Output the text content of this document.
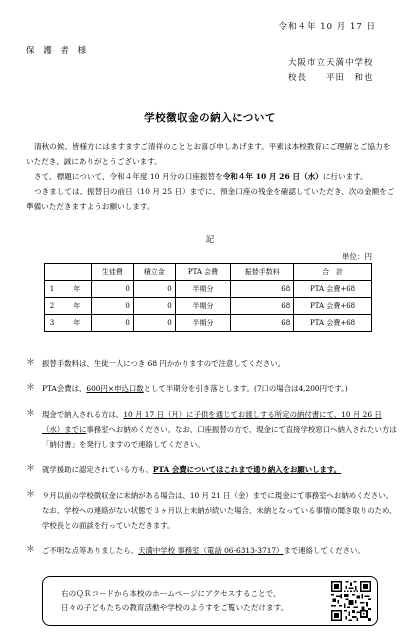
令和４年 10 月 17 日
保 護 者 様
大阪市立天満中学校
校長　　平田　和也
学校徴収金の納入について
清秋の候、皆様方にはますますご清祥のこととお喜び申しあげます。平素は本校教育にご理解とご協力をいただき、誠にありがとうございます。
さて、標題について、令和４年度 10 月分の口座振替を令和４年 10 月 26 日（水）に行います。
つきましては、振替日の前日（10 月 25 日）までに、預金口座の残金を確認していただき、次の金額をご準備いただきますようお願いします。
記
単位：円
	生徒費	積立金	PTA 会費	振替手数料	合　計
1　年	0	0	半期分	68	PTA 会費+68
2　年	0	0	半期分	68	PTA 会費+68
3　年	0	0	半期分	68	PTA 会費+68
＊ 振替手数料は、生徒一人につき 68 円かかりますので注意してください。
＊ PTA会費は、600円×申込口数として半期分を引き落とします。(7口の場合は4,200円です。)
＊ 現金で納入される方は、10 月 17 日（月）に子供を通じてお渡しする所定の納付書にて、10 月 26 日（水）までに事務室へお納めください。なお、口座振替の方で、現金にて直接学校窓口へ納入されたい方は「納付書」を発行しますので連絡してください。
＊ 就学援助に認定されている方も、PTA 会費についてはこれまで通り納入をお願いします。
＊ ９月以前の学校徴収金に未納がある場合は、10 月 21 日（金）までに現金にて事務室へお納めください。なお、学校への連絡がない状態で３ヶ月以上未納が続いた場合、未納となっている事情の聞き取りのため、学校長との面談を行っていただきます。
＊ ご不明な点等ありましたら、天満中学校 事務室（電話 06-6313-3717）まで連絡してください。
右のＱＲコードから本校のホームページにアクセスすることで、
日々の子どもたちの教育活動や学校のようすをご覧いただけます。
